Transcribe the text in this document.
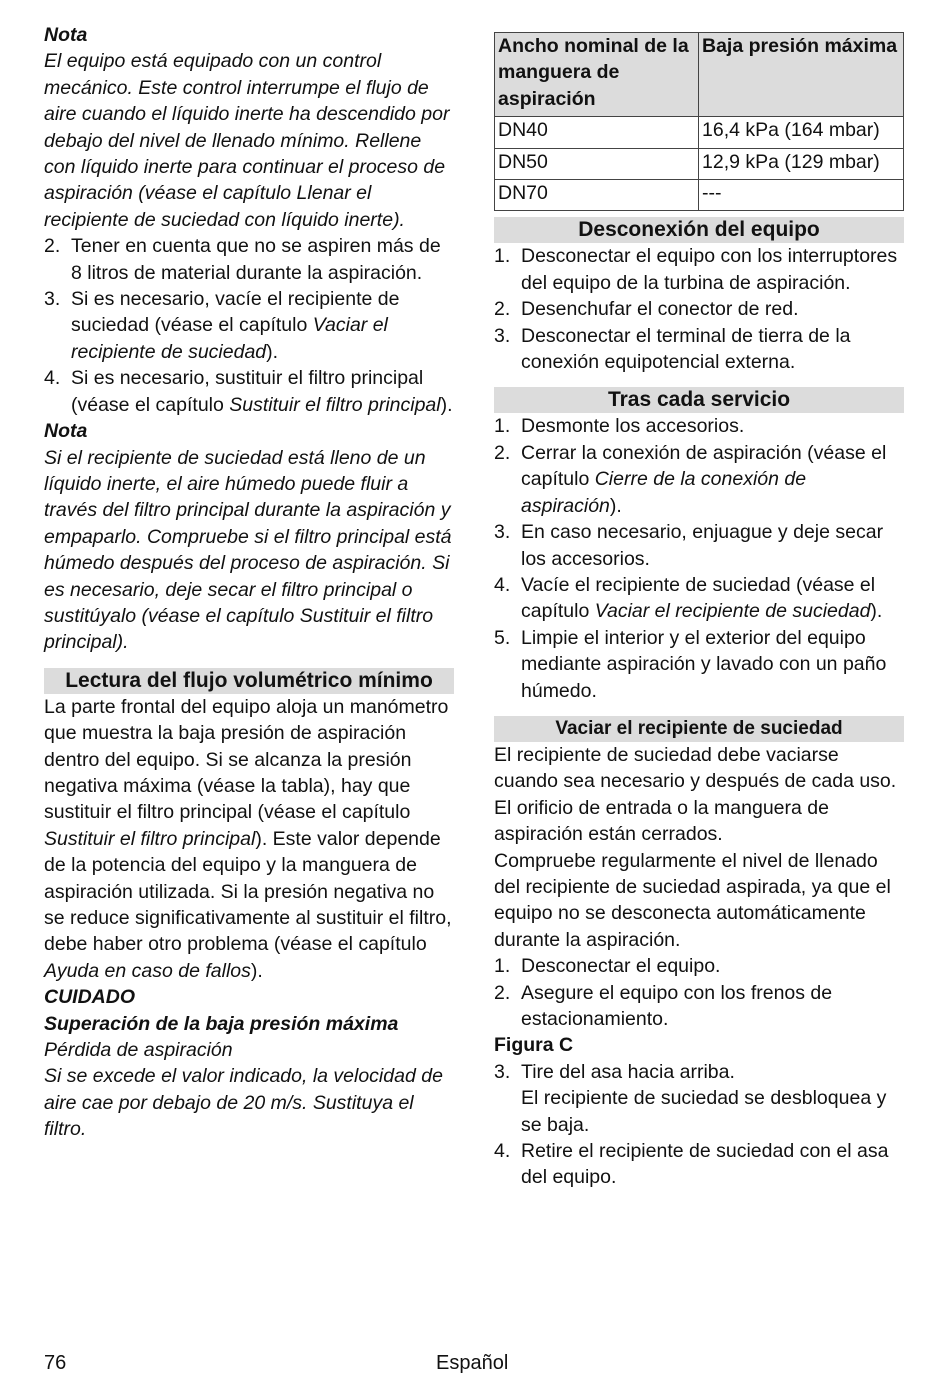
Nota

El equipo está equipado con un control mecánico. Este control interrumpe el flujo de aire cuando el líquido inerte ha descendido por debajo del nivel de llenado mínimo. Rellene con líquido inerte para continuar el proceso de aspiración (véase el capítulo Llenar el recipiente de suciedad con líquido inerte).

2. Tener en cuenta que no se aspiren más de 8 litros de material durante la aspiración.
3. Si es necesario, vacíe el recipiente de suciedad (véase el capítulo Vaciar el recipiente de suciedad).
4. Si es necesario, sustituir el filtro principal (véase el capítulo Sustituir el filtro principal).

Nota

Si el recipiente de suciedad está lleno de un líquido inerte, el aire húmedo puede fluir a través del filtro principal durante la aspiración y empaparlo. Compruebe si el filtro principal está húmedo después del proceso de aspiración. Si es necesario, deje secar el filtro principal o sustitúyalo (véase el capítulo Sustituir el filtro principal).

Lectura del flujo volumétrico mínimo

La parte frontal del equipo aloja un manómetro que muestra la baja presión de aspiración dentro del equipo. Si se alcanza la presión negativa máxima (véase la tabla), hay que sustituir el filtro principal (véase el capítulo Sustituir el filtro principal). Este valor depende de la potencia del equipo y la manguera de aspiración utilizada. Si la presión negativa no se reduce significativamente al sustituir el filtro, debe haber otro problema (véase el capítulo Ayuda en caso de fallos).

CUIDADO

Superación de la baja presión máxima

Pérdida de aspiración

Si se excede el valor indicado, la velocidad de aire cae por debajo de 20 m/s. Sustituya el filtro.

Ancho nominal de la manguera de aspiración	Baja presión máxima
DN40	16,4 kPa (164 mbar)
DN50	12,9 kPa (129 mbar)
DN70	---
Desconexión del equipo
1. Desconectar el equipo con los interruptores del equipo de la turbina de aspiración.
2. Desenchufar el conector de red.
3. Desconectar el terminal de tierra de la conexión equipotencial externa.
Tras cada servicio
1. Desmonte los accesorios.
2. Cerrar la conexión de aspiración (véase el capítulo Cierre de la conexión de aspiración).
3. En caso necesario, enjuague y deje secar los accesorios.
4. Vacíe el recipiente de suciedad (véase el capítulo Vaciar el recipiente de suciedad).
5. Limpie el interior y el exterior del equipo mediante aspiración y lavado con un paño húmedo.
Vaciar el recipiente de suciedad

El recipiente de suciedad debe vaciarse cuando sea necesario y después de cada uso.

El orificio de entrada o la manguera de aspiración están cerrados.

Compruebe regularmente el nivel de llenado del recipiente de suciedad aspirada, ya que el equipo no se desconecta automáticamente durante la aspiración.

1. Desconectar el equipo.
2. Asegure el equipo con los frenos de estacionamiento.

Figura C

3. Tire del asa hacia arriba.
El recipiente de suciedad se desbloquea y se baja.
4. Retire el recipiente de suciedad con el asa del equipo.
76	Español
